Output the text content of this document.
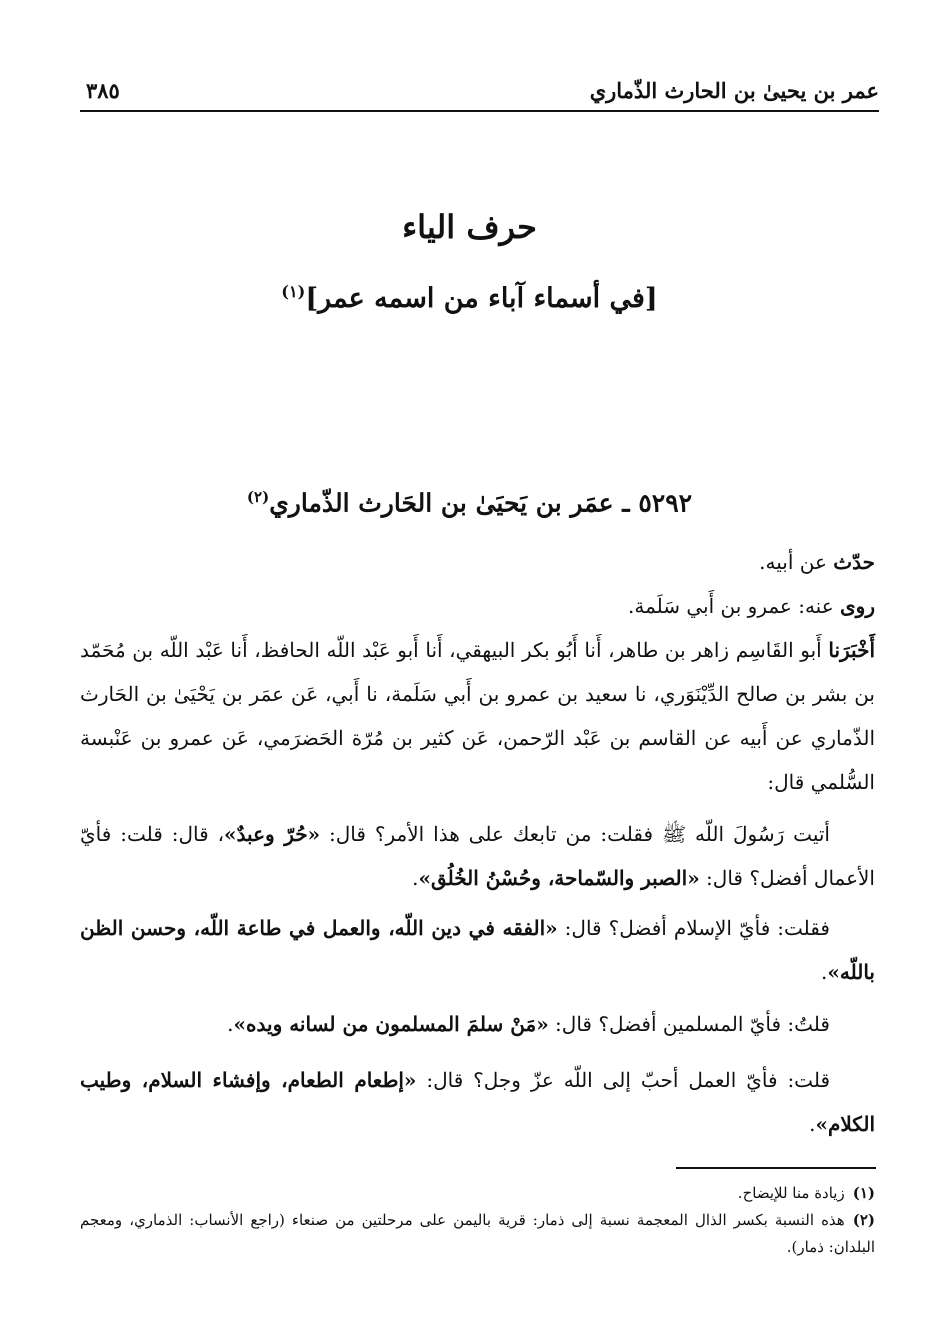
عمر بن يحيىٰ بن الحارث الذّماري
٣٨٥
حرف الياء
[في أسماء آباء من اسمه عمر]$^{(١)}$
٥٢٩٢ ـ عمَر بن يَحيَىٰ بن الحَارث الذّماري$^{(٢)}$
حدّث عن أبيه.
روى عنه: عمرو بن أَبي سَلَمة.
أَخْبَرَنا أَبو القَاسِم زاهر بن طاهر، أَنا أَبُو بكر البيهقي، أَنا أَبو عَبْد اللّه الحافظ، أَنا عَبْد اللّه بن مُحَمّد بن بشر بن صالح الدِّيْنَوَري، نا سعيد بن عمرو بن أَبي سَلَمة، نا أَبي، عَن عمَر بن يَحْيَىٰ بن الحَارث الذّماري عن أَبيه عن القاسم بن عَبْد الرّحمن، عَن كثير بن مُرّة الحَضرَمي، عَن عمرو بن عَنْبسة السُّلمي قال:
أتيت رَسُولَ اللّه ﷺ فقلت: من تابعك على هذا الأمر؟ قال: «حُرّ وعبدٌ»، قال: قلت: فأيّ الأعمال أفضل؟ قال: «الصبر والسّماحة، وحُسْنُ الخُلُق».
فقلت: فأيّ الإسلام أفضل؟ قال: «الفقه في دين اللّه، والعمل في طاعة اللّه، وحسن الظن باللّه».
قلتُ: فأيّ المسلمين أفضل؟ قال: «مَنْ سلمَ المسلمون من لسانه ويده».
قلت: فأيّ العمل أحبّ إلى اللّه عزّ وجل؟ قال: «إطعام الطعام، وإفشاء السلام، وطيب الكلام».

(١)زيادة منا للإيضاح.

(٢)هذه النسبة بكسر الذال المعجمة نسبة إلى ذمار: قرية باليمن على مرحلتين من صنعاء (راجع الأنساب: الذماري، ومعجم البلدان: ذمار).
